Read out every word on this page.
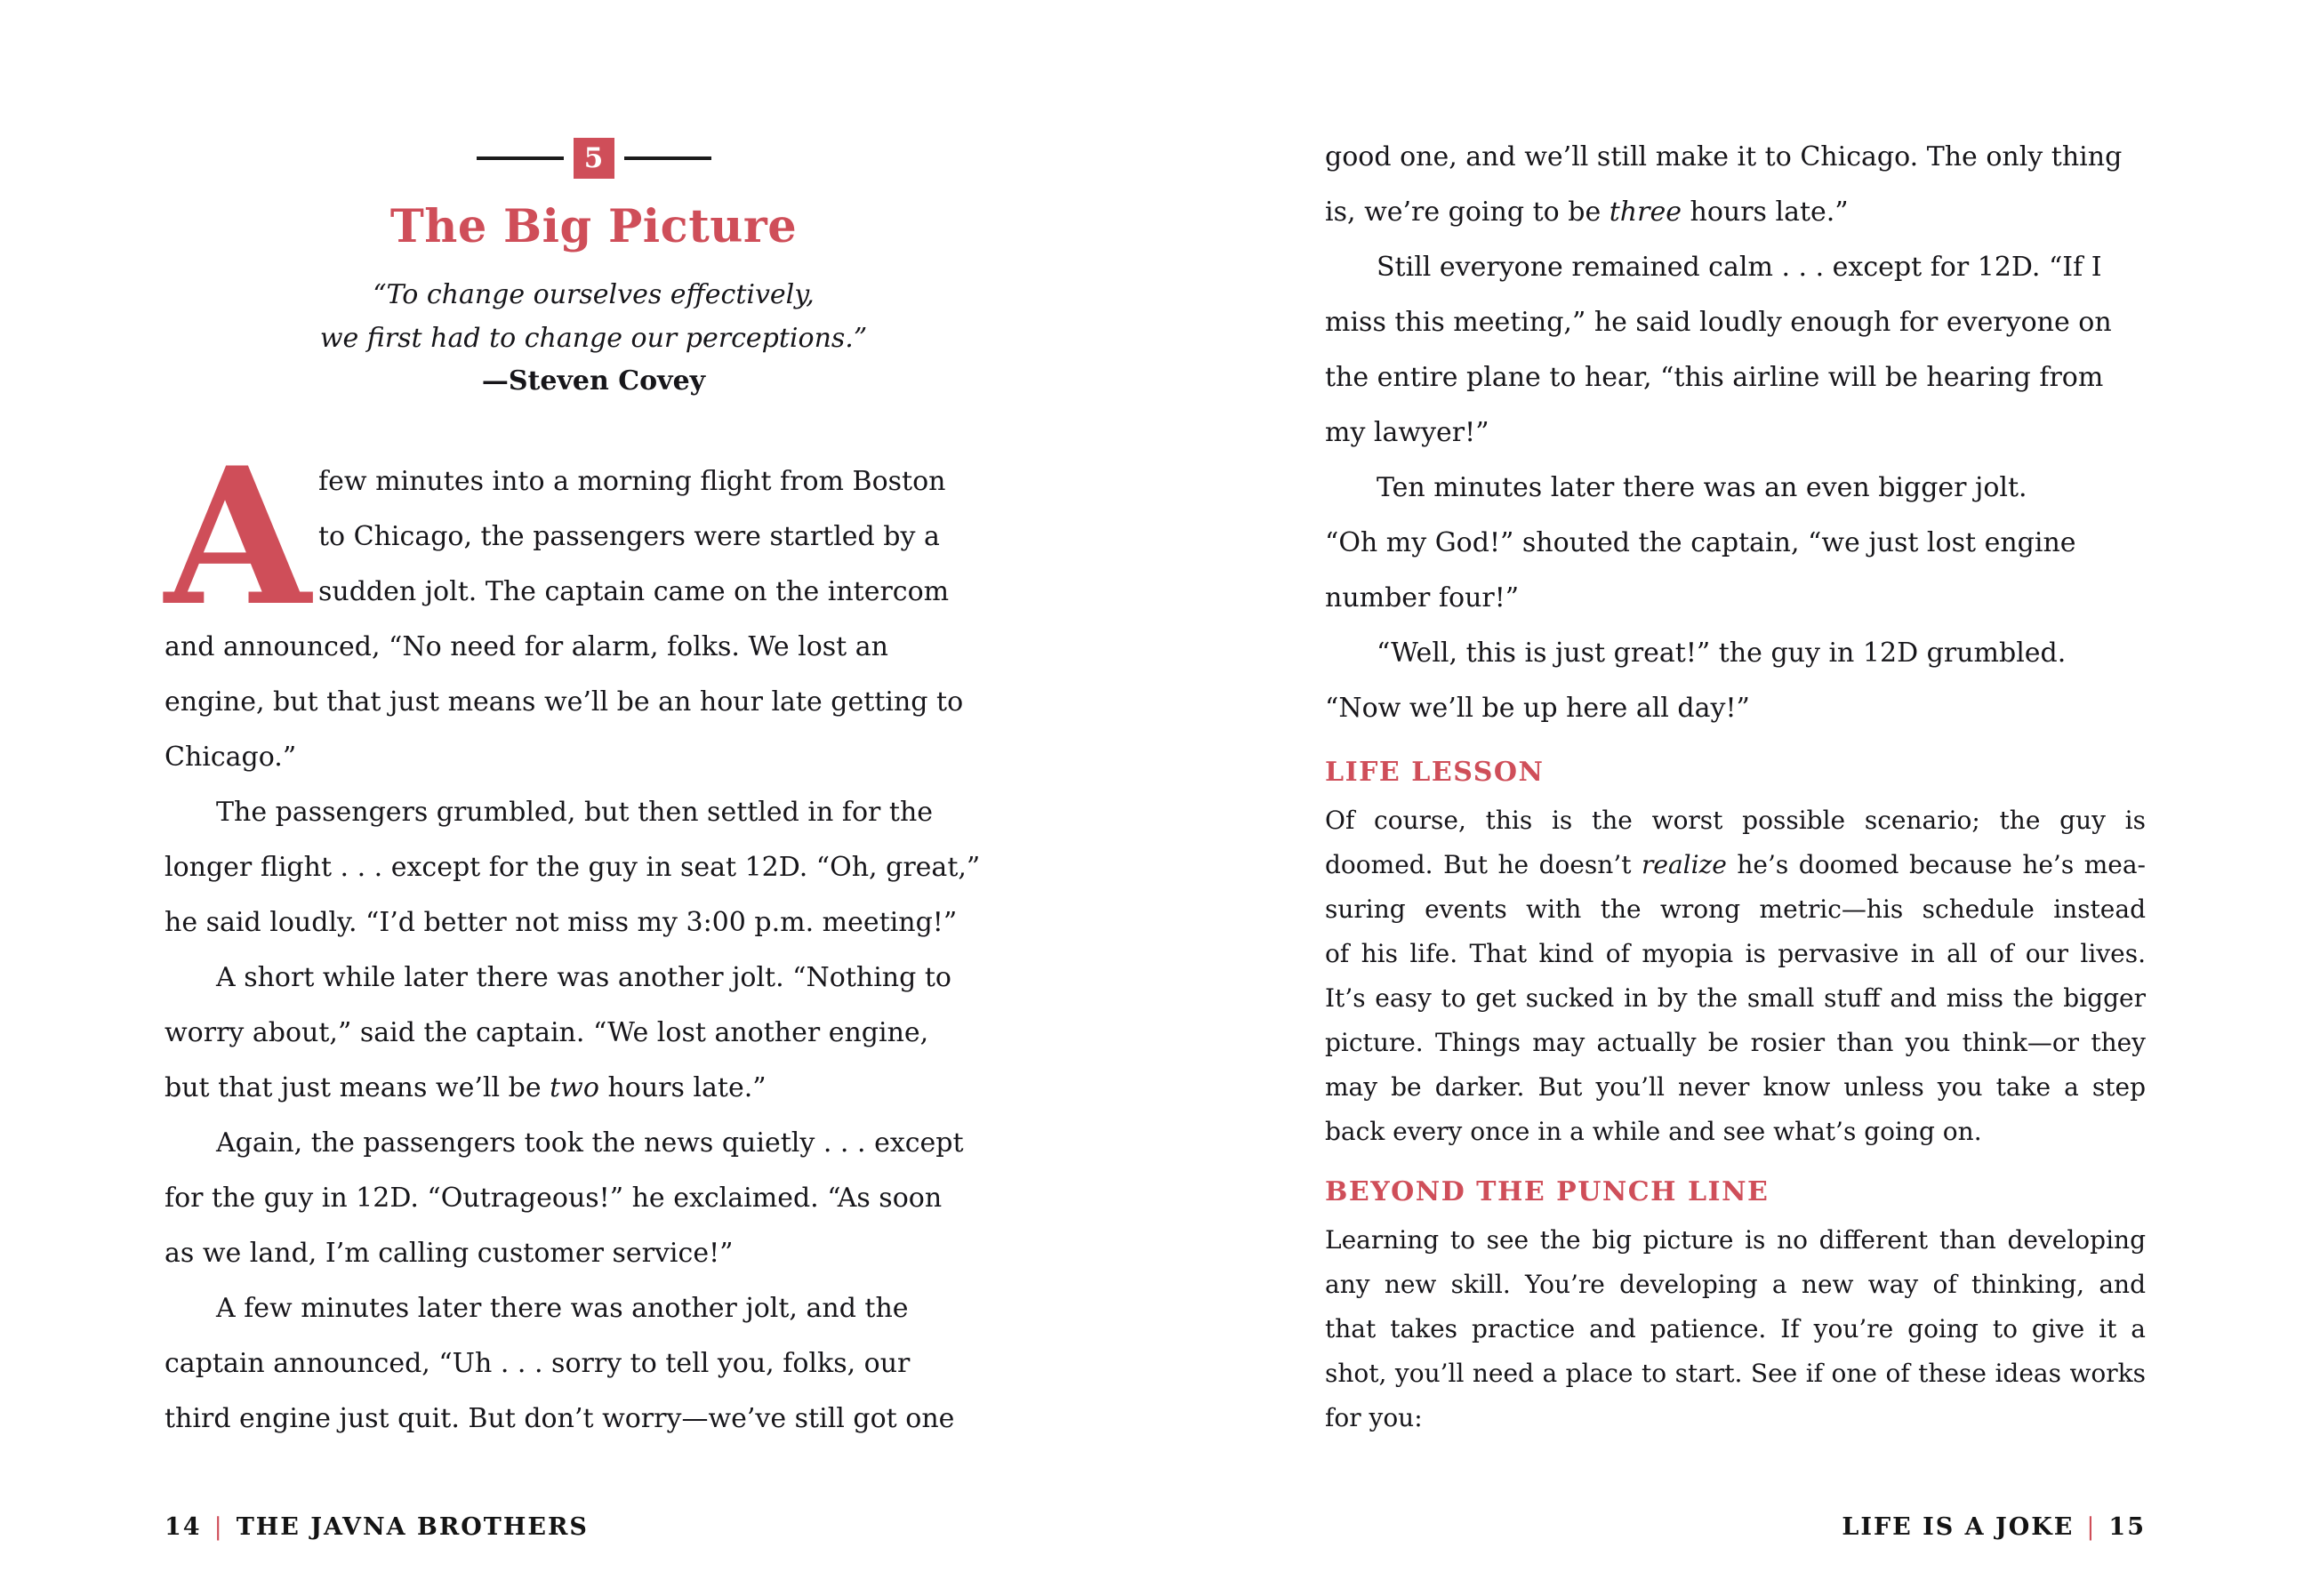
5
The Big Picture
“To change ourselves effectively,
we first had to change our perceptions.”
—Steven Covey
A few minutes into a morning flight from Boston
to Chicago, the passengers were startled by a
sudden jolt. The captain came on the intercom
and announced, “No need for alarm, folks. We lost an
engine, but that just means we’ll be an hour late getting to
Chicago.”
The passengers grumbled, but then settled in for the
longer flight . . . except for the guy in seat 12D. “Oh, great,”
he said loudly. “I’d better not miss my 3:00 p.m. meeting!”
A short while later there was another jolt. “Nothing to
worry about,” said the captain. “We lost another engine,
but that just means we’ll be two hours late.”
Again, the passengers took the news quietly . . . except
for the guy in 12D. “Outrageous!” he exclaimed. “As soon
as we land, I’m calling customer service!”
A few minutes later there was another jolt, and the
captain announced, “Uh . . . sorry to tell you, folks, our
third engine just quit. But don’t worry—we’ve still got one
14 | THE JAVNA BROTHERS
good one, and we’ll still make it to Chicago. The only thing
is, we’re going to be three hours late.”
Still everyone remained calm . . . except for 12D. “If I
miss this meeting,” he said loudly enough for everyone on
the entire plane to hear, “this airline will be hearing from
my lawyer!”
Ten minutes later there was an even bigger jolt.
“Oh my God!” shouted the captain, “we just lost engine
number four!”
“Well, this is just great!” the guy in 12D grumbled.
“Now we’ll be up here all day!”
LIFE LESSON
Of course, this is the worst possible scenario; the guy is
doomed. But he doesn’t realize he’s doomed because he’s mea-
suring events with the wrong metric—his schedule instead
of his life. That kind of myopia is pervasive in all of our lives.
It’s easy to get sucked in by the small stuff and miss the bigger
picture. Things may actually be rosier than you think—or they
may be darker. But you’ll never know unless you take a step
back every once in a while and see what’s going on.
BEYOND THE PUNCH LINE
Learning to see the big picture is no different than developing
any new skill. You’re developing a new way of thinking, and
that takes practice and patience. If you’re going to give it a
shot, you’ll need a place to start. See if one of these ideas works
for you:
LIFE IS A JOKE | 15
